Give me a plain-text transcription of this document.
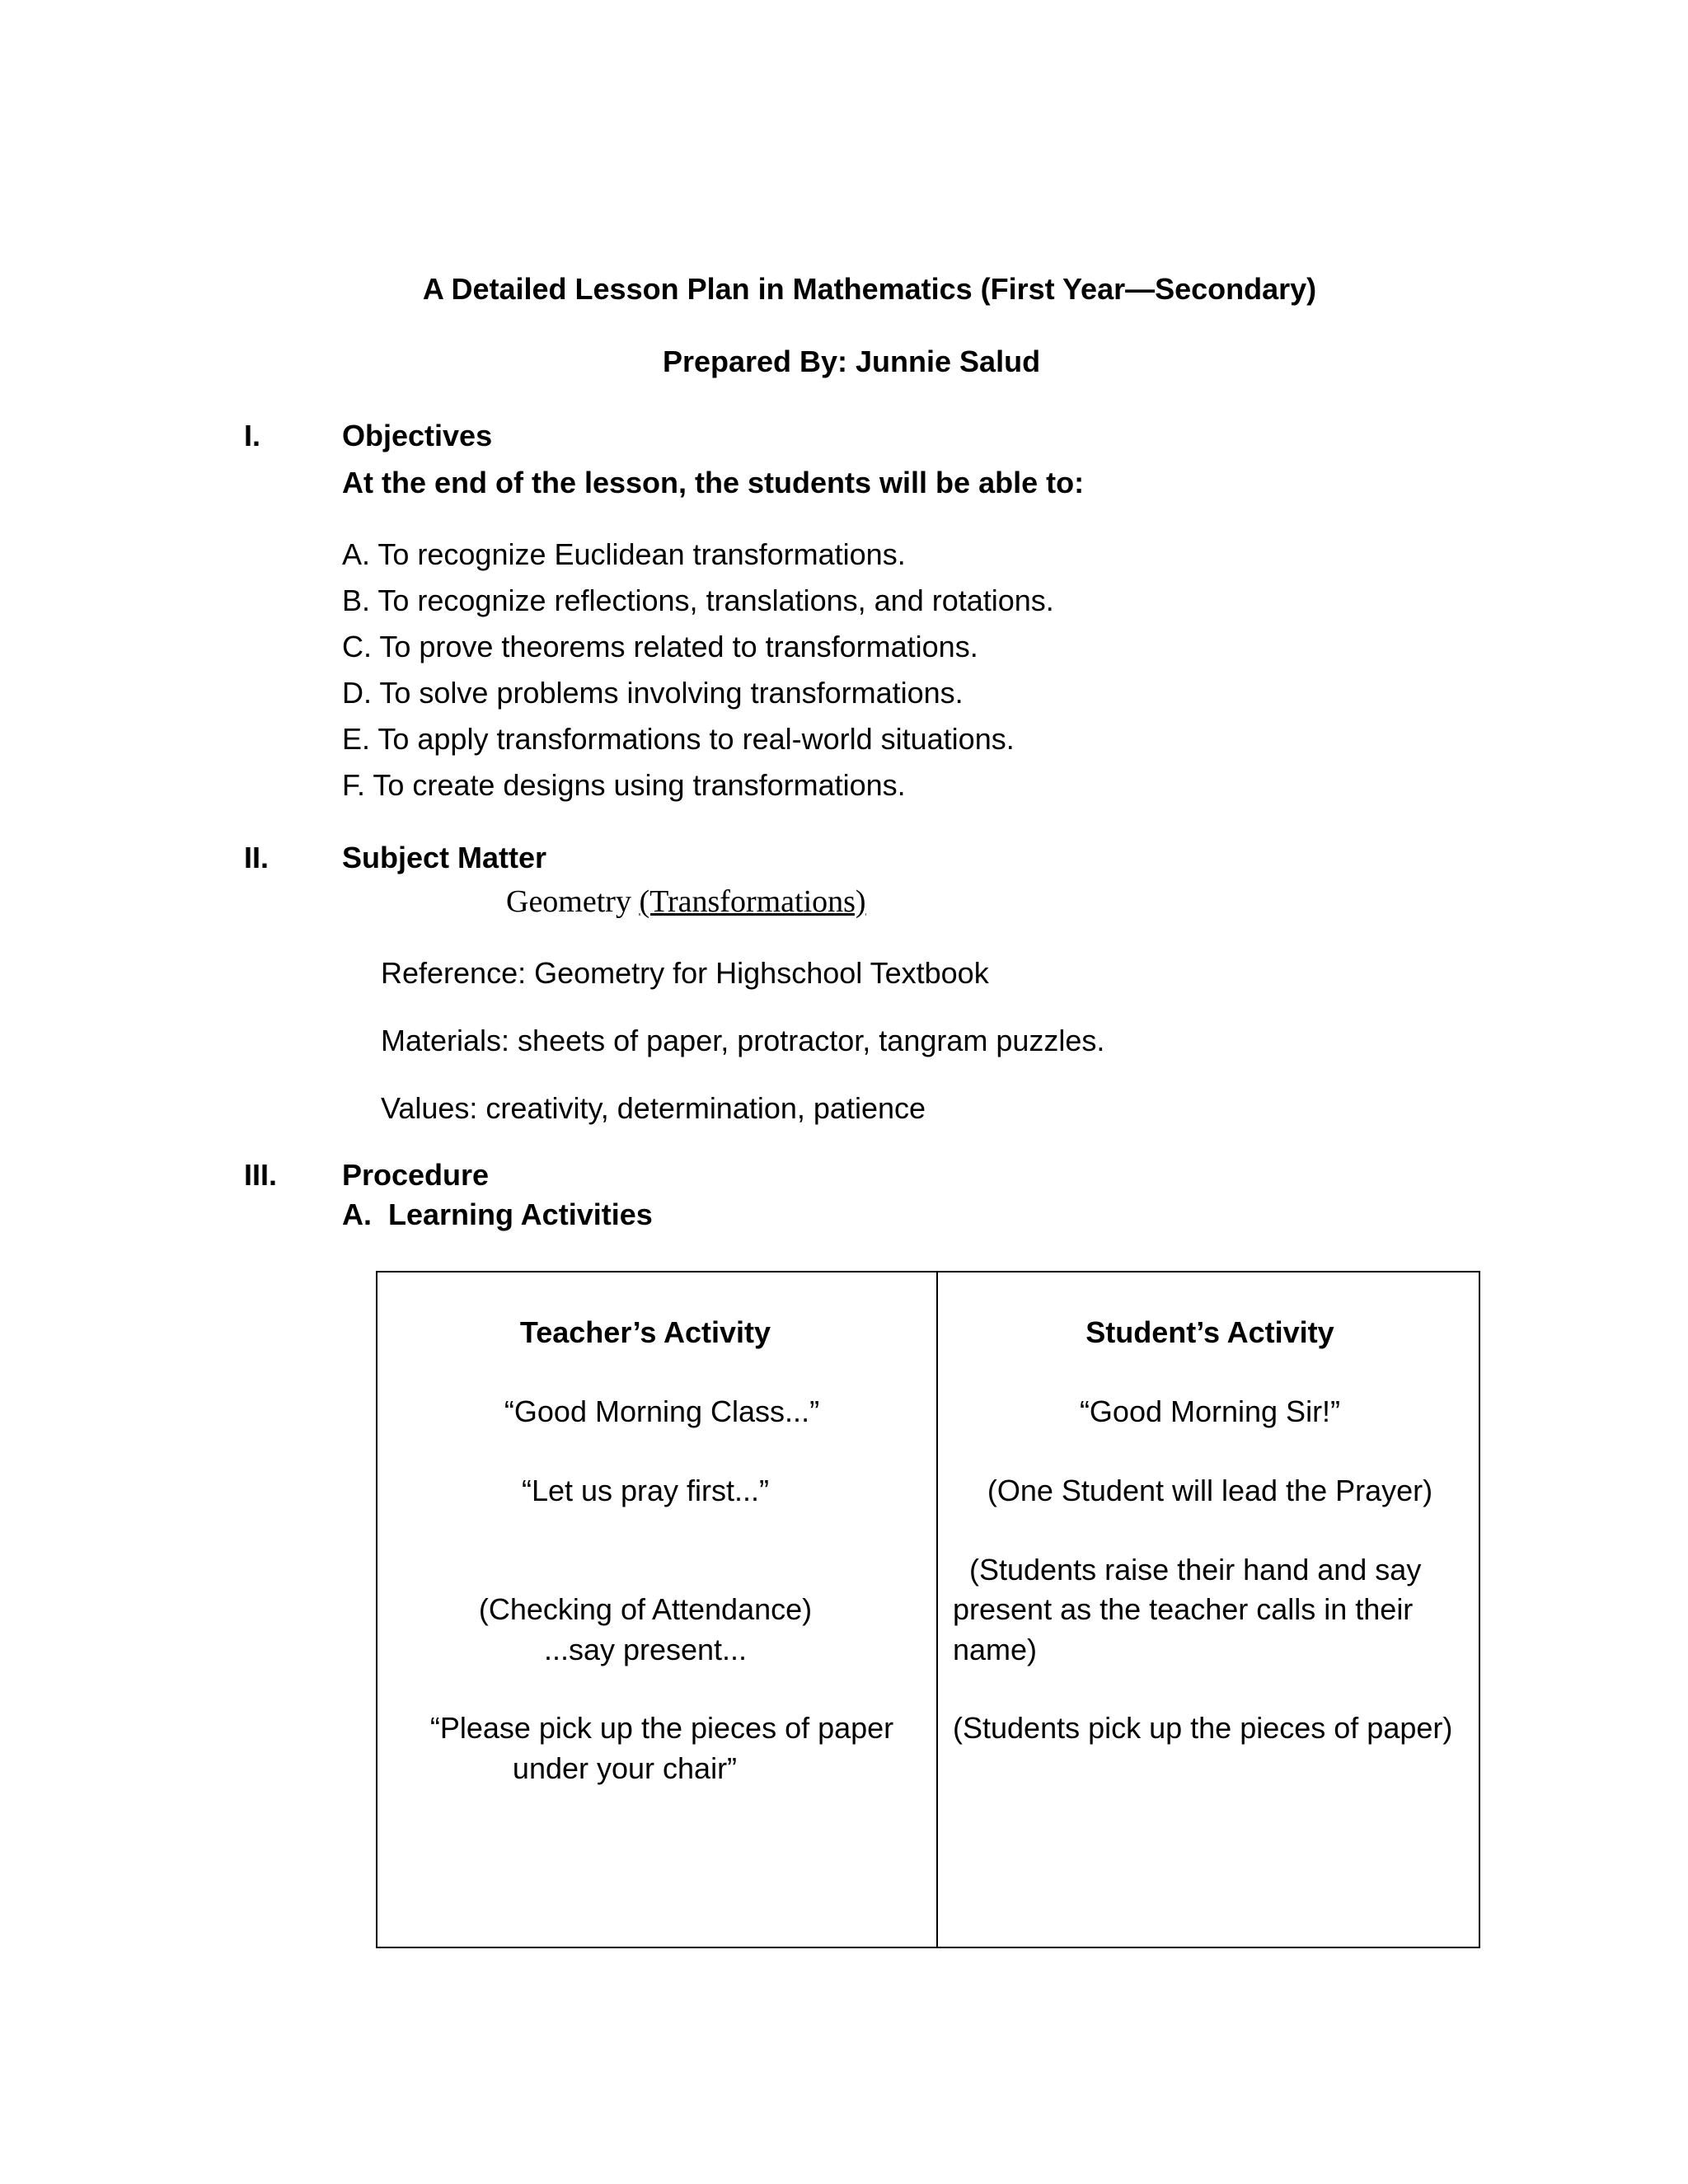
A Detailed Lesson Plan in Mathematics (First Year—Secondary)
Prepared By: Junnie Salud
I.	Objectives
At the end of the lesson, the students will be able to:
A. To recognize Euclidean transformations.
B. To recognize reflections, translations, and rotations.
C. To prove theorems related to transformations.
D. To solve problems involving transformations.
E. To apply transformations to real-world situations.
F. To create designs using transformations.
II. Subject Matter
Geometry (Transformations)
Reference: Geometry for Highschool Textbook
Materials: sheets of paper, protractor, tangram puzzles.
Values: creativity, determination, patience
III. Procedure
A.  Learning Activities
Teacher’s Activity
“Good Morning Class...”
“Let us pray first...”
(Checking of Attendance)
...say present...
“Please pick up the pieces of paper
under your chair”
Student’s Activity
“Good Morning Sir!”
(One Student will lead the Prayer)
(Students raise their hand and say
present as the teacher calls in their
name)
(Students pick up the pieces of paper)
